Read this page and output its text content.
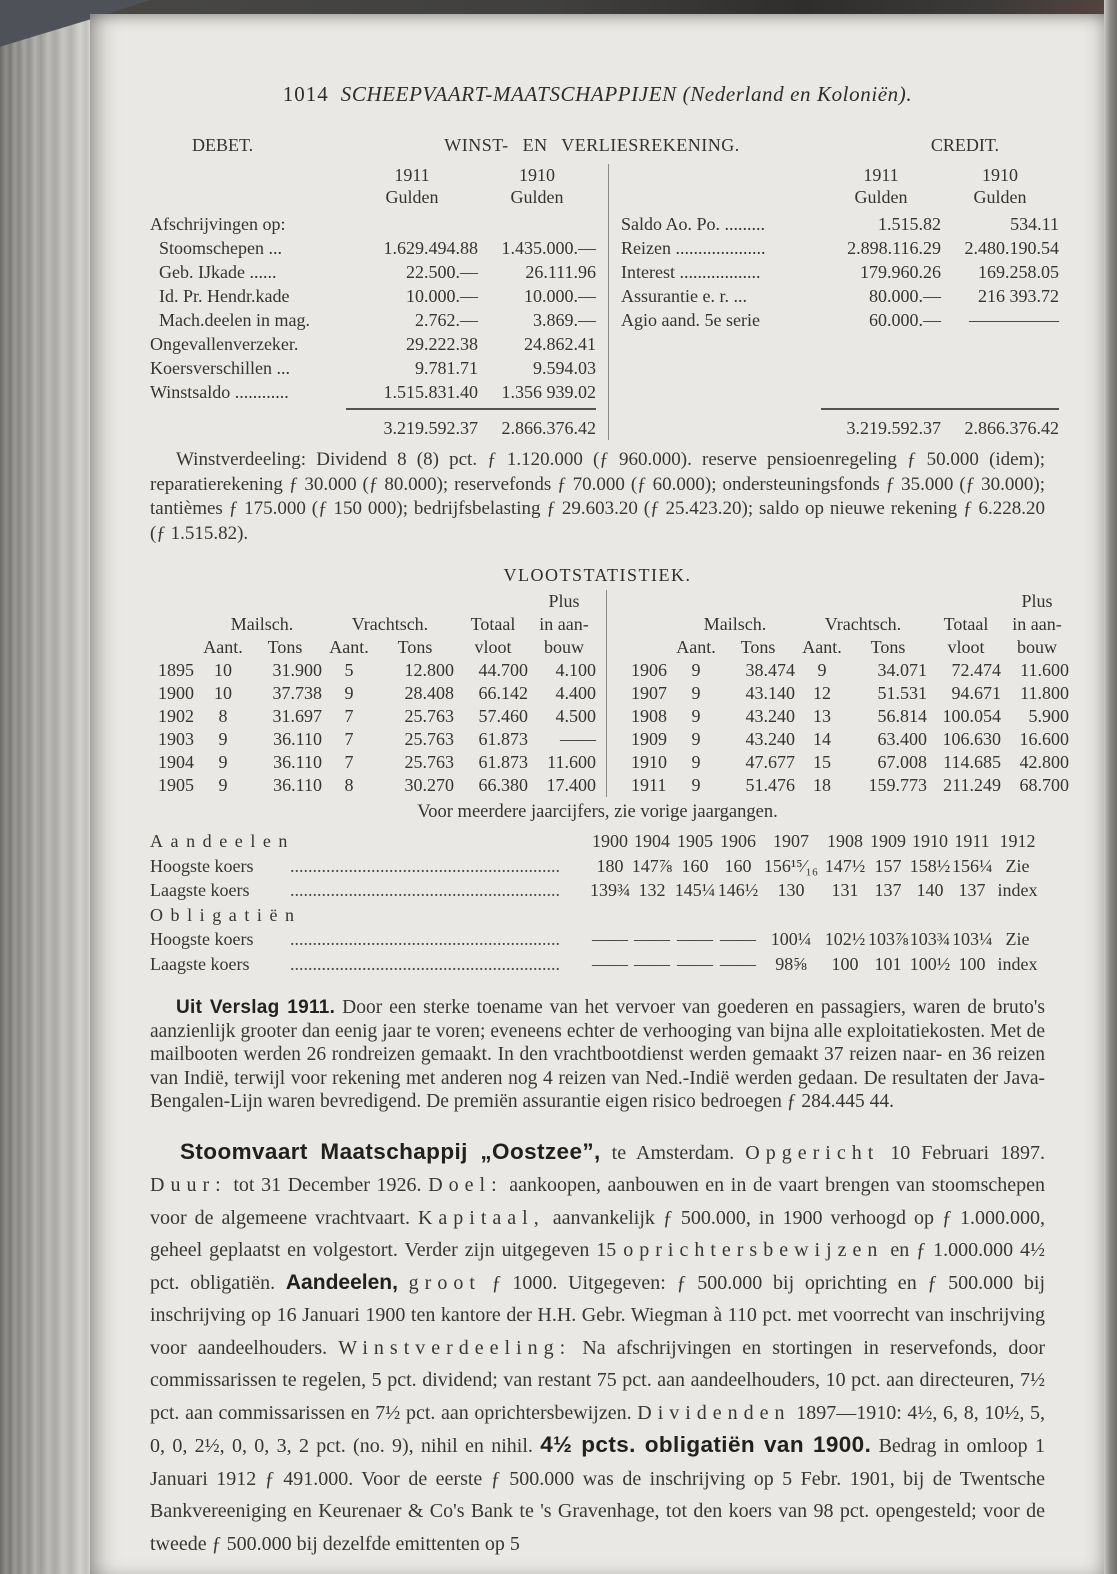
1014 SCHEEPVAART-MAATSCHAPPIJEN (Nederland en Koloniën).
DEBET.	WINST- EN VERLIESREKENING.	CREDIT.
1911	1910
Gulden	Gulden
Afschrijvingen op:
Stoomschepen ...	1.629.494.88	1.435.000.—
Geb. IJkade ......	22.500.—	26.111.96
Id. Pr. Hendr.kade	10.000.—	10.000.—
Mach.deelen in mag.	2.762.—	3.869.—
Ongevallenverzeker.	29.222.38	24.862.41
Koersverschillen ...	9.781.71	9.594.03
Winstsaldo ............	1.515.831.40	1.356 939.02
3.219.592.37	2.866.376.42
1911	1910
Gulden	Gulden
Saldo Ao. Po. .........	1.515.82	534.11
Reizen ....................	2.898.116.29	2.480.190.54
Interest ..................	179.960.26	169.258.05
Assurantie e. r. ...	80.000.—	216 393.72
Agio aand. 5e serie	60.000.—	—————
3.219.592.37	2.866.376.42

Winstverdeeling: Dividend 8 (8) pct. ƒ 1.120.000 (ƒ 960.000). reserve pensioenregeling ƒ 50.000 (idem); reparatierekening ƒ 30.000 (ƒ 80.000); reservefonds ƒ 70.000 (ƒ 60.000); ondersteuningsfonds ƒ 35.000 (ƒ 30.000); tantièmes ƒ 175.000 (ƒ 150 000); bedrijfsbelasting ƒ 29.603.20 (ƒ 25.423.20); saldo op nieuwe rekening ƒ 6.228.20 (ƒ 1.515.82).

VLOOTSTATISTIEK.
Plus
Mailsch.	Vrachtsch.	Totaal	in aan-
Aant.	Tons	Aant.	Tons	vloot	bouw
1895	10	31.900	5	12.800	44.700	4.100
1900	10	37.738	9	28.408	66.142	4.400
1902	8	31.697	7	25.763	57.460	4.500
1903	9	36.110	7	25.763	61.873	——
1904	9	36.110	7	25.763	61.873	11.600
1905	9	36.110	8	30.270	66.380	17.400
Plus
Mailsch.	Vrachtsch.	Totaal	in aan-
Aant.	Tons	Aant.	Tons	vloot	bouw
1906	9	38.474	9	34.071	72.474	11.600
1907	9	43.140	12	51.531	94.671	11.800
1908	9	43.240	13	56.814 100.054	5.900
1909	9	43.240	14	63.400 106.630	16.600
1910	9	47.677	15	67.008 114.685	42.800
1911	9	51.476	18	159.773 211.249	68.700
Voor meerdere jaarcijfers, zie vorige jaargangen.
Aandeelen	1900 1904 1905 1906 1907	1908 1909 1910 1911 1912
Hoogste koers	............................................................	180 147⅞ 160 160 156¹⁵⁄₁₆ 147½ 157 158½ 156¼ Zie
Laagste koers	............................................................	139¾ 132 145¼ 146½	130	131 137 140 137 index
Obligatiën
Hoogste koers	............................................................	—— —— —— —— 100¼ 102½ 103⅞ 103¾ 103¼ Zie
Laagste koers	............................................................	—— —— —— ——	98⅝	100 101 100½ 100 index

Uit Verslag 1911. Door een sterke toename van het vervoer van goederen en passagiers, waren de bruto's aanzienlijk grooter dan eenig jaar te voren; eveneens echter de verhooging van bijna alle exploitatiekosten. Met de mailbooten werden 26 rondreizen gemaakt. In den vrachtbootdienst werden gemaakt 37 reizen naar- en 36 reizen van Indië, terwijl voor rekening met anderen nog 4 reizen van Ned.-Indië werden gedaan. De resultaten der Java-Bengalen-Lijn waren bevredigend. De premiën assurantie eigen risico bedroegen ƒ 284.445 44.

Stoomvaart Maatschappij „Oostzee”, te Amsterdam. Opgericht 10 Februari 1897. Duur: tot 31 December 1926. Doel: aankoopen, aanbouwen en in de vaart brengen van stoomschepen voor de algemeene vrachtvaart. Kapitaal, aanvankelijk ƒ 500.000, in 1900 verhoogd op ƒ 1.000.000, geheel geplaatst en volgestort. Verder zijn uitgegeven 15 oprichtersbewijzen en ƒ 1.000.000 4½ pct. obligatiën. Aandeelen, groot ƒ 1000. Uitgegeven: ƒ 500.000 bij oprichting en ƒ 500.000 bij inschrijving op 16 Januari 1900 ten kantore der H.H. Gebr. Wiegman à 110 pct. met voorrecht van inschrijving voor aandeelhouders. Winstverdeeling: Na afschrijvingen en stortingen in reservefonds, door commissarissen te regelen, 5 pct. dividend; van restant 75 pct. aan aandeelhouders, 10 pct. aan directeuren, 7½ pct. aan commissarissen en 7½ pct. aan oprichtersbewijzen. Dividenden 1897—1910: 4½, 6, 8, 10½, 5, 0, 0, 2½, 0, 0, 3, 2 pct. (no. 9), nihil en nihil. 4½ pcts. obligatiën van 1900. Bedrag in omloop 1 Januari 1912 ƒ 491.000. Voor de eerste ƒ 500.000 was de inschrijving op 5 Febr. 1901, bij de Twentsche Bankvereeniging en Keurenaer & Co's Bank te 's Gravenhage, tot den koers van 98 pct. opengesteld; voor de tweede ƒ 500.000 bij dezelfde emittenten op 5
